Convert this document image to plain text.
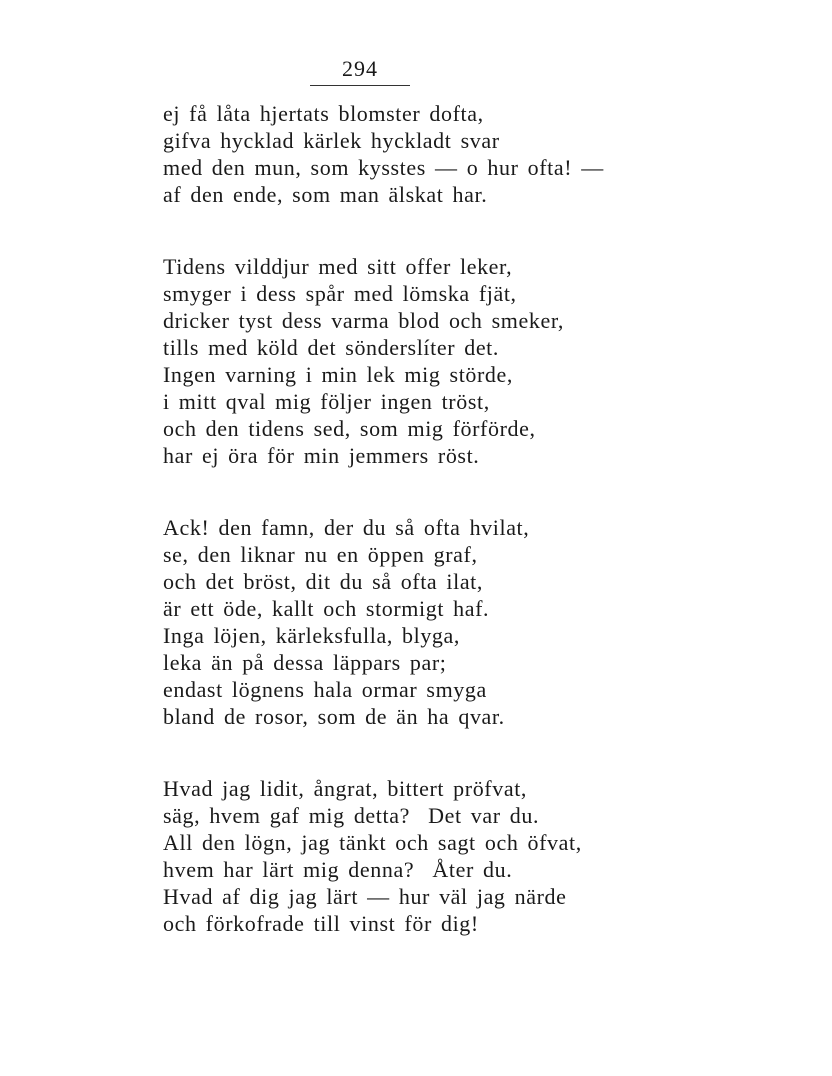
294
ej få låta hjertats blomster dofta,
gifva hycklad kärlek hyckladt svar
med den mun, som kysstes — o hur ofta! —
af den ende, som man älskat har.
Tidens vilddjur med sitt offer leker,
smyger i dess spår med lömska fjät,
dricker tyst dess varma blod och smeker,
tills med köld det sönderslíter det.
Ingen varning i min lek mig störde,
i mitt qval mig följer ingen tröst,
och den tidens sed, som mig förförde,
har ej öra för min jemmers röst.
Ack! den famn, der du så ofta hvilat,
se, den liknar nu en öppen graf,
och det bröst, dit du så ofta ilat,
är ett öde, kallt och stormigt haf.
Inga löjen, kärleksfulla, blyga,
leka än på dessa läppars par;
endast lögnens hala ormar smyga
bland de rosor, som de än ha qvar.
Hvad jag lidit, ångrat, bittert pröfvat,
säg, hvem gaf mig detta?  Det var du.
All den lögn, jag tänkt och sagt och öfvat,
hvem har lärt mig denna?  Åter du.
Hvad af dig jag lärt — hur väl jag närde
och förkofrade till vinst för dig!
